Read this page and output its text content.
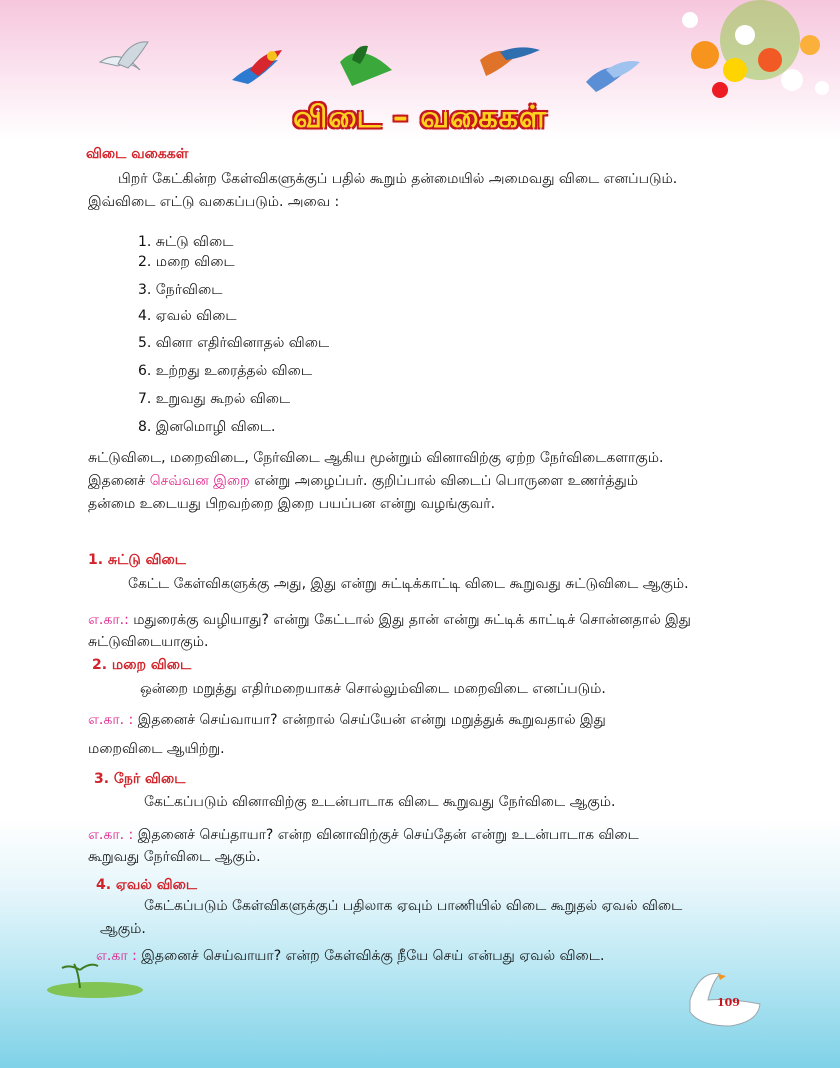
விடை – வகைகள்
விடை வகைகள்
பிறர் கேட்கின்ற கேள்விகளுக்குப் பதில் கூறும் தன்மையில் அமைவது விடை எனப்படும்.
இவ்விடை எட்டு வகைப்படும். அவை :
1. சுட்டு விடை
2. மறை விடை
3. நேர்விடை
4. ஏவல் விடை
5. வினா எதிர்வினாதல் விடை
6. உற்றது உரைத்தல் விடை
7. உறுவது கூறல் விடை
8. இனமொழி விடை.
சுட்டுவிடை, மறைவிடை, நேர்விடை ஆகிய மூன்றும் வினாவிற்கு ஏற்ற நேர்விடைகளாகும்.
இதனைச் செவ்வன இறை என்று அழைப்பர். குறிப்பால் விடைப் பொருளை உணர்த்தும்
தன்மை உடையது பிறவற்றை இறை பயப்பன என்று வழங்குவர்.
1. சுட்டு விடை
கேட்ட கேள்விகளுக்கு அது, இது என்று சுட்டிக்காட்டி விடை கூறுவது சுட்டுவிடை ஆகும்.
எ.கா.: மதுரைக்கு வழியாது? என்று கேட்டால் இது தான் என்று சுட்டிக் காட்டிச் சொன்னதால் இது
சுட்டுவிடையாகும்.
2. மறை விடை
ஒன்றை மறுத்து எதிர்மறையாகச் சொல்லும்விடை மறைவிடை எனப்படும்.
எ.கா. : இதனைச் செய்வாயா? என்றால் செய்யேன் என்று மறுத்துக் கூறுவதால் இது
மறைவிடை ஆயிற்று.
3. நேர் விடை
கேட்கப்படும் வினாவிற்கு உடன்பாடாக விடை கூறுவது நேர்விடை ஆகும்.
எ.கா. : இதனைச் செய்தாயா? என்ற வினாவிற்குச் செய்தேன் என்று உடன்பாடாக விடை
கூறுவது நேர்விடை ஆகும்.
4. ஏவல் விடை
கேட்கப்படும் கேள்விகளுக்குப் பதிலாக ஏவும் பாணியில் விடை கூறுதல் ஏவல் விடை
ஆகும்.
எ.கா : இதனைச் செய்வாயா? என்ற கேள்விக்கு நீயே செய் என்பது ஏவல் விடை.
109
